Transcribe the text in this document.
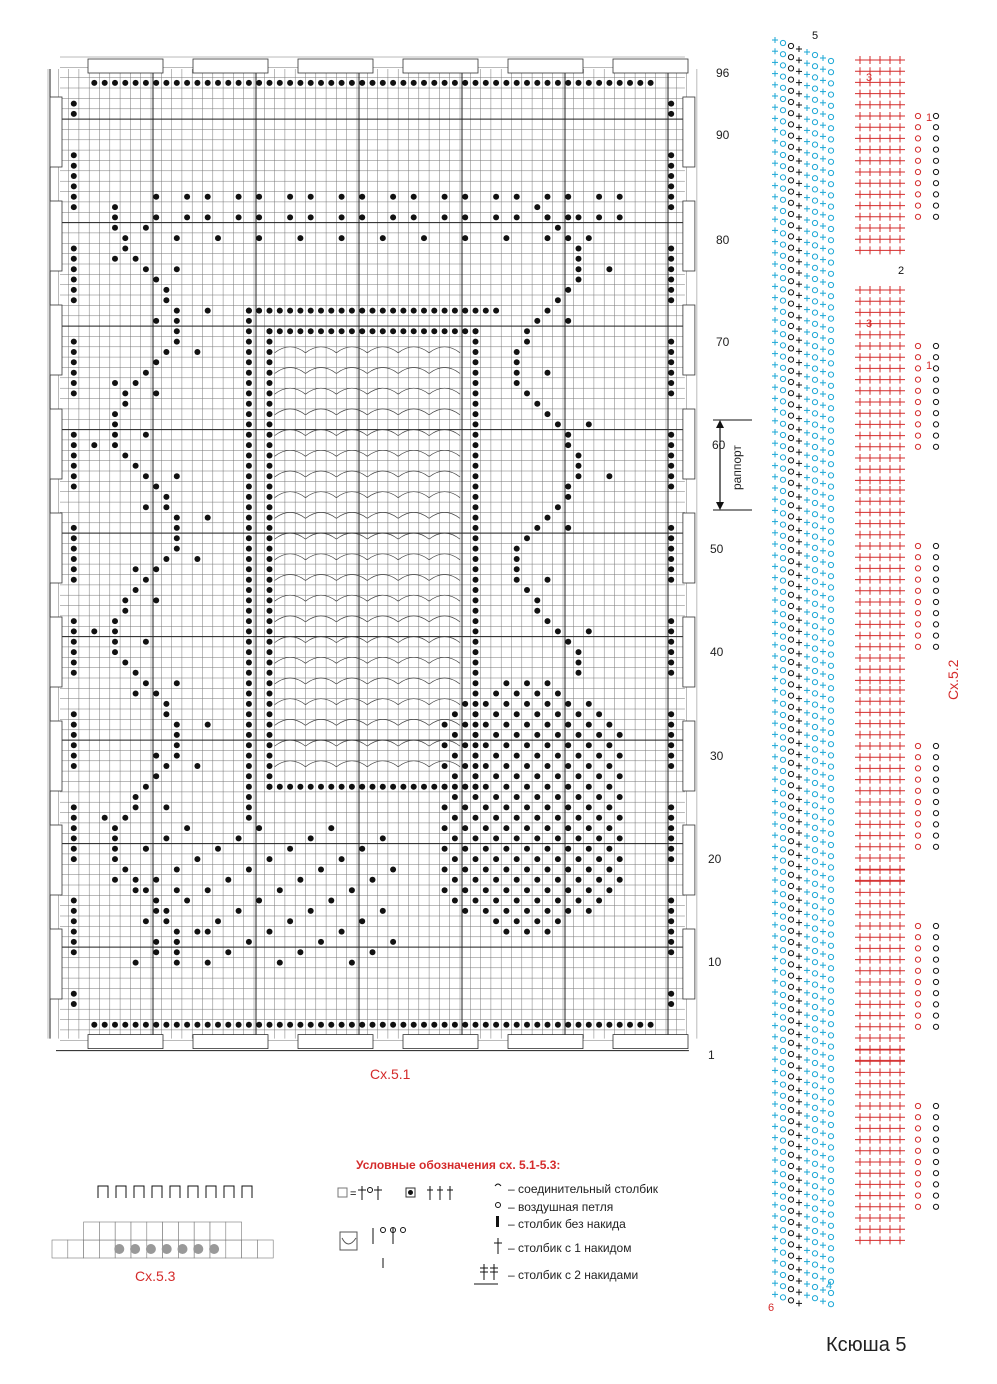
=
96
90
80
70
60
50
40
30
20
10
1
раппорт
Сх.5.1
Сх.5.2
Сх.5.3
5
3
1
3
1
2
6
4
Условные обозначения сх. 5.1-5.3:
– соединительный столбик
– воздушная петля
– столбик без накида
– столбик с 1 накидом
– столбик с 2 накидами
Ксюша 5
